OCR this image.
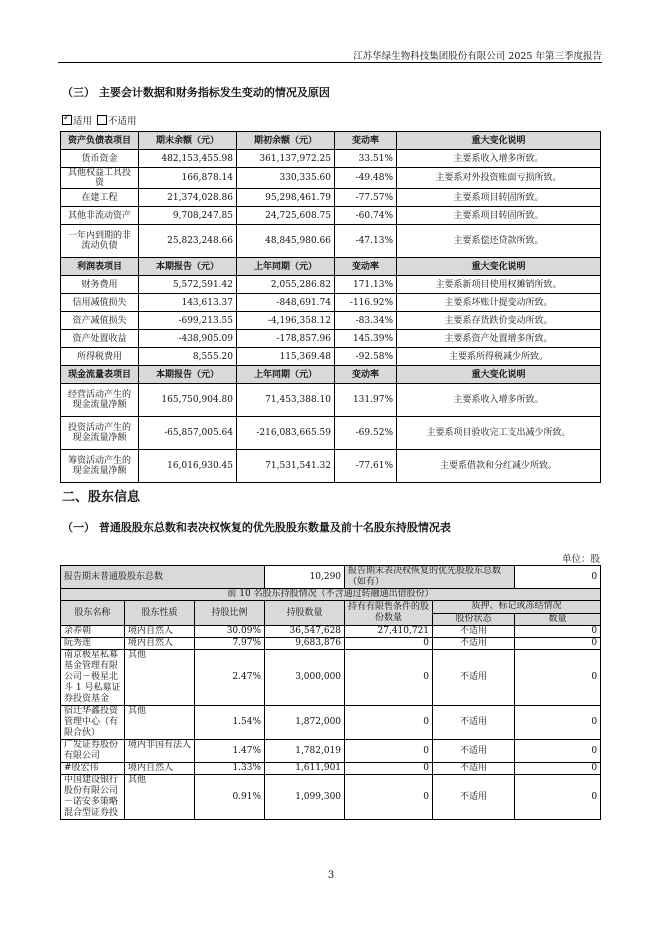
江苏华绿生物科技集团股份有限公司 2025 年第三季度报告
（三） 主要会计数据和财务指标发生变动的情况及原因
✓适用 不适用
资产负债表项目	期末余额（元）	期初余额（元）	变动率	重大变化说明
货币资金	482,153,455.98	361,137,972.25	33.51%	主要系收入增多所致。
其他权益工具投资	166,878.14	330,335.60	-49.48%	主要系对外投资账面亏损所致。
在建工程	21,374,028.86	95,298,461.79	-77.57%	主要系项目转固所致。
其他非流动资产	9,708,247.85	24,725,608.75	-60.74%	主要系项目转固所致。
一年内到期的非流动负债	25,823,248.66	48,845,980.66	-47.13%	主要系偿还贷款所致。
利润表项目	本期报告（元）	上年同期（元）	变动率	重大变化说明
财务费用	5,572,591.42	2,055,286.82	171.13%	主要系新项目使用权摊销所致。
信用减值损失	143,613.37	-848,691.74	-116.92%	主要系坏账计提变动所致。
资产减值损失	-699,213.55	-4,196,358.12	-83.34%	主要系存货跌价变动所致。
资产处置收益	-438,905.09	-178,857.96	145.39%	主要系资产处置增多所致。
所得税费用	8,555.20	115,369.48	-92.58%	主要系所得税减少所致。
现金流量表项目	本期报告（元）	上年同期（元）	变动率	重大变化说明
经营活动产生的现金流量净额	165,750,904.80	71,453,388.10	131.97%	主要系收入增多所致。
投资活动产生的现金流量净额	-65,857,005.64	-216,083,665.59	-69.52%	主要系项目验收完工支出减少所致。
筹资活动产生的现金流量净额	16,016,930.45	71,531,541.32	-77.61%	主要系借款和分红减少所致。
二、股东信息
（一） 普通股股东总数和表决权恢复的优先股股东数量及前十名股东持股情况表
单位：股
报告期末普通股股东总数			10,290	报告期末表决权恢复的优先股股东总数（如有）		0
前 10 名股东持股情况（不含通过转融通出借股份）						
股东名称	股东性质	持股比例	持股数量	持有有限售条件的股份数量	质押、标记或冻结情况	
					股份状态	数量
余养朝	境内自然人	30.09%	36,547,628	27,410,721	不适用	0
阮秀莲	境内自然人	7.97%	9,683,876	0	不适用	0
南京极星私募基金管理有限公司－极星北斗 1 号私募证券投资基金	其他	2.47%	3,000,000	0	不适用	0
宿迁华鑫投资管理中心（有限合伙）	其他	1.54%	1,872,000	0	不适用	0
广发证券股份有限公司	境内非国有法人	1.47%	1,782,019	0	不适用	0
#殷宏伟	境内自然人	1.33%	1,611,901	0	不适用	0
中国建设银行股份有限公司－诺安多策略混合型证券投	其他	0.91%	1,099,300	0	不适用	0
3
